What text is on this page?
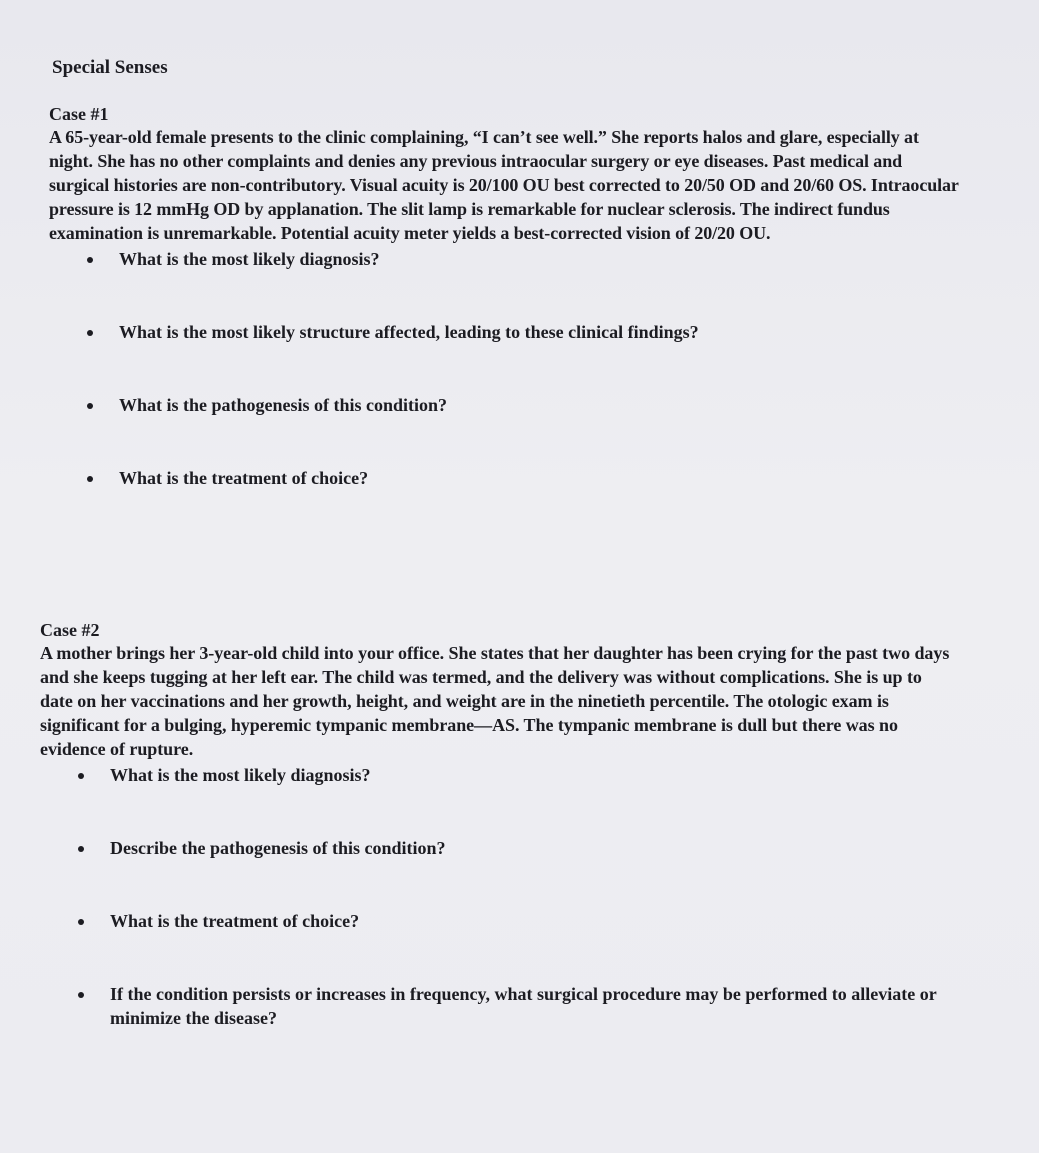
Special Senses

Case #1

A 65-year-old female presents to the clinic complaining, “I can’t see well.” She reports halos and glare, especially at night. She has no other complaints and denies any previous intraocular surgery or eye diseases. Past medical and surgical histories are non-contributory. Visual acuity is 20/100 OU best corrected to 20/50 OD and 20/60 OS. Intraocular pressure is 12 mmHg OD by applanation. The slit lamp is remarkable for nuclear sclerosis. The indirect fundus examination is unremarkable. Potential acuity meter yields a best-corrected vision of 20/20 OU.

What is the most likely diagnosis?
What is the most likely structure affected, leading to these clinical findings?
What is the pathogenesis of this condition?
What is the treatment of choice?

Case #2

A mother brings her 3-year-old child into your office. She states that her daughter has been crying for the past two days and she keeps tugging at her left ear. The child was termed, and the delivery was without complications. She is up to date on her vaccinations and her growth, height, and weight are in the ninetieth percentile. The otologic exam is significant for a bulging, hyperemic tympanic membrane—AS. The tympanic membrane is dull but there was no evidence of rupture.

What is the most likely diagnosis?
Describe the pathogenesis of this condition?
What is the treatment of choice?
If the condition persists or increases in frequency, what surgical procedure may be performed to alleviate or minimize the disease?
